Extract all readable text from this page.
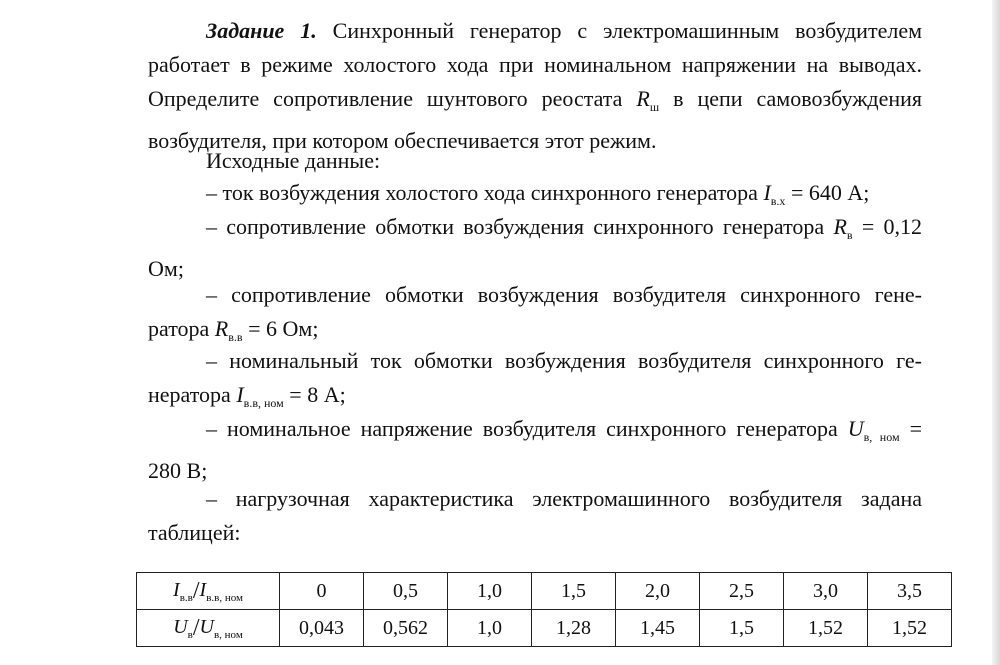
Задание 1. Синхронный генератор с электромашинным возбудителем работает в режиме холостого хода при номинальном напряжении на выводах. Определите сопротивление шунтового реостата $R_ш$ в цепи самовозбуждения возбудителя, при котором обеспечивается этот режим.
Исходные данные:
– ток возбуждения холостого хода синхронного генератора $I_{в.х} = 640$ А;
– сопротивление обмотки возбуждения синхронного генератора $R_в = 0,12$ Ом;
– сопротивление обмотки возбуждения возбудителя синхронного гене-ратора $R_{в.в} = 6$ Ом;
– номинальный ток обмотки возбуждения возбудителя синхронного ге-нератора $I_{в.в, ном} = 8$ А;
– номинальное напряжение возбудителя синхронного генератора $U_{в, ном} = 280$ В;
– нагрузочная характеристика электромашинного возбудителя задана таблицей:
$I_{в.в}/I_{в.в, ном}$	0	0,5	1,0	1,5	2,0	2,5	3,0	3,5
$U_в/U_{в, ном}$	0,043	0,562	1,0	1,28	1,45	1,5	1,52	1,52
